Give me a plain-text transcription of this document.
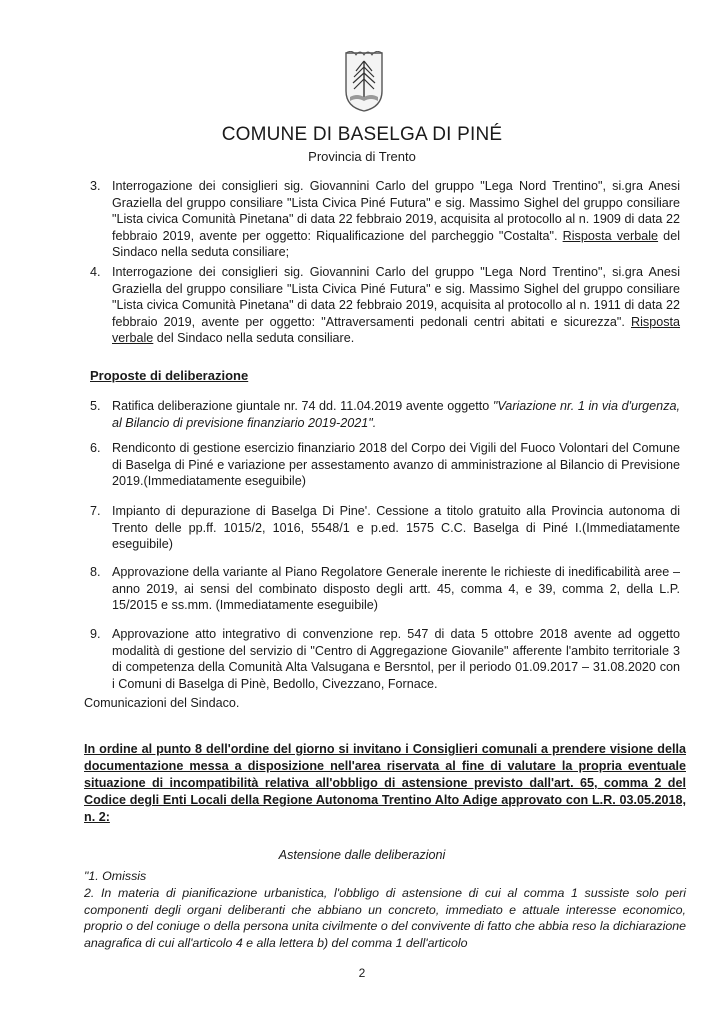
COMUNE DI BASELGA DI PINÉ
Provincia di Trento
3. Interrogazione dei consiglieri sig. Giovannini Carlo del gruppo "Lega Nord Trentino", si.gra Anesi Graziella del gruppo consiliare "Lista Civica Piné Futura" e sig. Massimo Sighel del gruppo consiliare "Lista civica Comunità Pinetana" di data 22 febbraio 2019, acquisita al protocollo al n. 1909 di data 22 febbraio 2019, avente per oggetto: Riqualificazione del parcheggio "Costalta". Risposta verbale del Sindaco nella seduta consiliare;
4. Interrogazione dei consiglieri sig. Giovannini Carlo del gruppo "Lega Nord Trentino", si.gra Anesi Graziella del gruppo consiliare "Lista Civica Piné Futura" e sig. Massimo Sighel del gruppo consiliare "Lista civica Comunità Pinetana" di data 22 febbraio 2019, acquisita al protocollo al n. 1911 di data 22 febbraio 2019, avente per oggetto: "Attraversamenti pedonali centri abitati e sicurezza". Risposta verbale del Sindaco nella seduta consiliare.
Proposte di deliberazione
5. Ratifica deliberazione giuntale nr. 74 dd. 11.04.2019 avente oggetto "Variazione nr. 1 in via d'urgenza, al Bilancio di previsione finanziario 2019-2021".
6. Rendiconto di gestione esercizio finanziario 2018 del Corpo dei Vigili del Fuoco Volontari del Comune di Baselga di Piné e variazione per assestamento avanzo di amministrazione al Bilancio di Previsione 2019.(Immediatamente eseguibile)
7. Impianto di depurazione di Baselga Di Pine'. Cessione a titolo gratuito alla Provincia autonoma di Trento delle pp.ff. 1015/2, 1016, 5548/1 e p.ed. 1575 C.C. Baselga di Piné I.(Immediatamente eseguibile)
8. Approvazione della variante al Piano Regolatore Generale inerente le richieste di inedificabilità aree – anno 2019, ai sensi del combinato disposto degli artt. 45, comma 4, e 39, comma 2, della L.P. 15/2015 e ss.mm. (Immediatamente eseguibile)
9. Approvazione atto integrativo di convenzione rep. 547 di data 5 ottobre 2018 avente ad oggetto modalità di gestione del servizio di "Centro di Aggregazione Giovanile" afferente l'ambito territoriale 3 di competenza della Comunità Alta Valsugana e Bersntol, per il periodo 01.09.2017 – 31.08.2020 con i Comuni di Baselga di Pinè, Bedollo, Civezzano, Fornace.
Comunicazioni del Sindaco.
In ordine al punto 8 dell'ordine del giorno si invitano i Consiglieri comunali a prendere visione della documentazione messa a disposizione nell'area riservata al fine di valutare la propria eventuale situazione di incompatibilità relativa all'obbligo di astensione previsto dall'art. 65, comma 2 del Codice degli Enti Locali della Regione Autonoma Trentino Alto Adige approvato con L.R. 03.05.2018, n. 2:
Astensione dalle deliberazioni

"1. Omissis

2. In materia di pianificazione urbanistica, l'obbligo di astensione di cui al comma 1 sussiste solo peri componenti degli organi deliberanti che abbiano un concreto, immediato e attuale interesse economico, proprio o del coniuge o della persona unita civilmente o del convivente di fatto che abbia reso la dichiarazione anagrafica di cui all'articolo 4 e alla lettera b) del comma 1 dell'articolo

2
